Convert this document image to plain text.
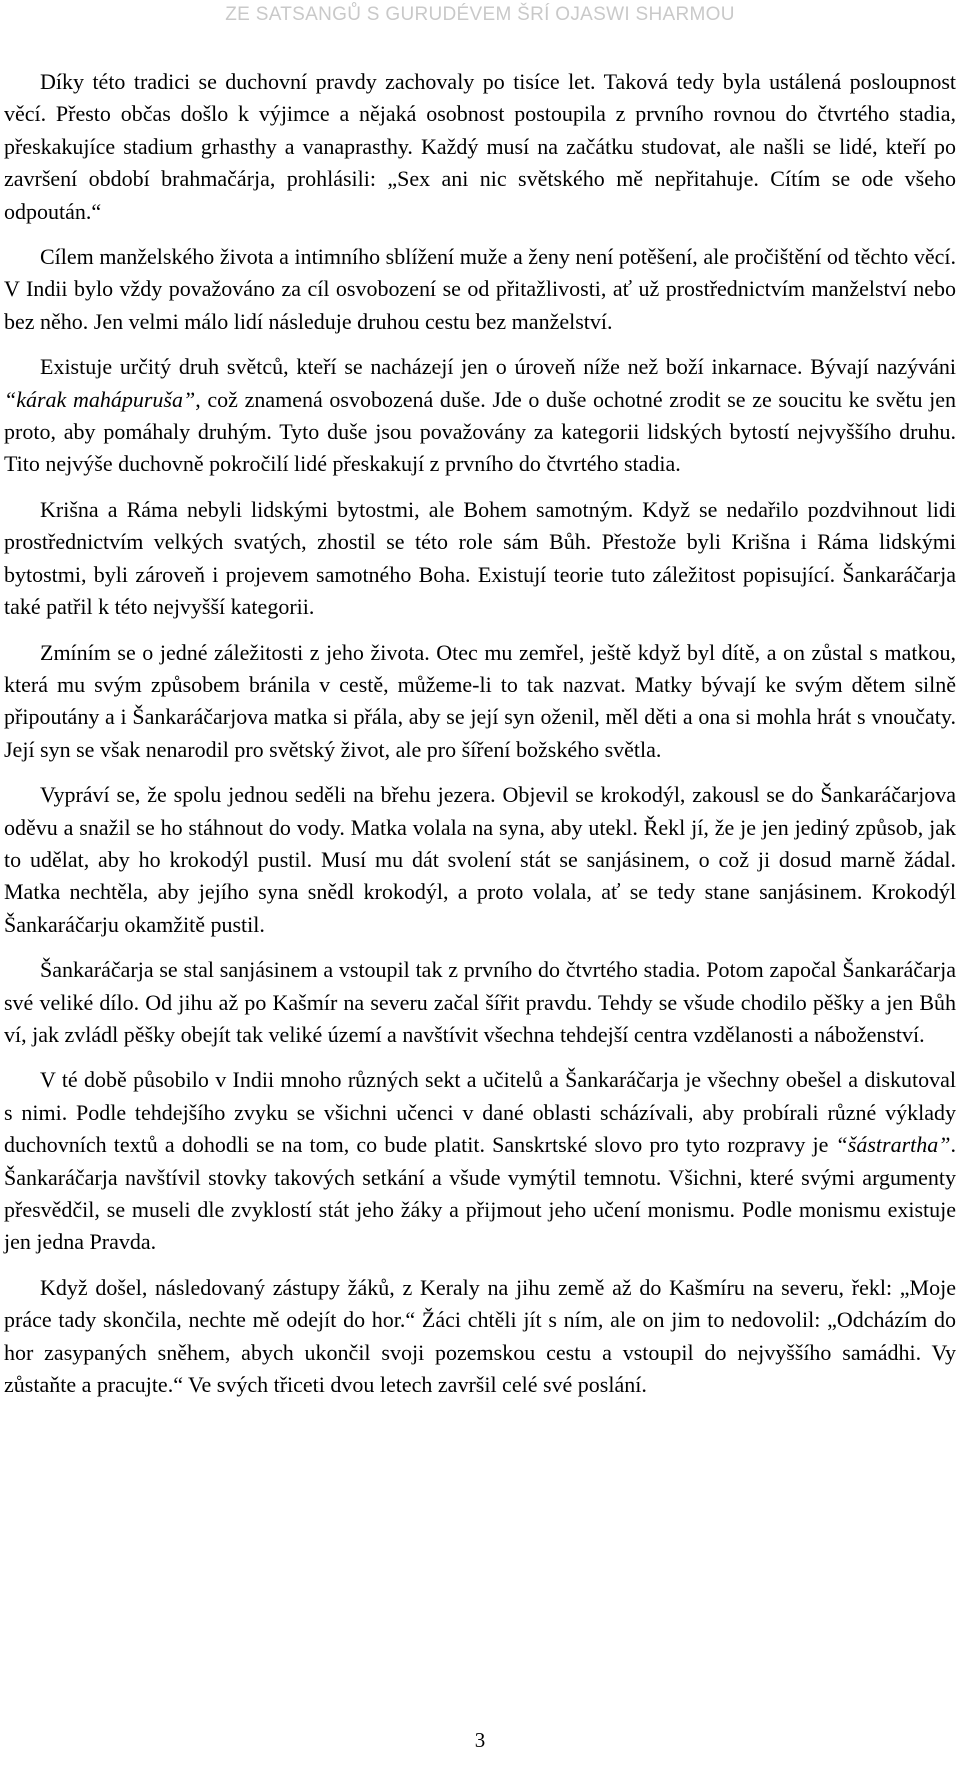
ZE SATSANGŮ S GURUDÉVEM ŠRÍ OJASWI SHARMOU

Díky této tradici se duchovní pravdy zachovaly po tisíce let. Taková tedy byla ustálená posloupnost věcí. Přesto občas došlo k výjimce a nějaká osobnost postoupila z prvního rovnou do čtvrtého stadia, přeskakujíce stadium grhasthy a vanaprasthy. Každý musí na začátku studovat, ale našli se lidé, kteří po završení období brahmačárja, prohlásili: „Sex ani nic světského mě nepřitahuje. Cítím se ode všeho odpoután.“

Cílem manželského života a intimního sblížení muže a ženy není potěšení, ale pročištění od těchto věcí. V Indii bylo vždy považováno za cíl osvobození se od přitažlivosti, ať už prostřednictvím manželství nebo bez něho. Jen velmi málo lidí následuje druhou cestu bez manželství.

Existuje určitý druh světců, kteří se nacházejí jen o úroveň níže než boží inkarnace. Bývají nazýváni “kárak mahápuruša”, což znamená osvobozená duše. Jde o duše ochotné zrodit se ze soucitu ke světu jen proto, aby pomáhaly druhým. Tyto duše jsou považovány za kategorii lidských bytostí nejvyššího druhu. Tito nejvýše duchovně pokročilí lidé přeskakují z prvního do čtvrtého stadia.

Krišna a Ráma nebyli lidskými bytostmi, ale Bohem samotným. Když se nedařilo pozdvihnout lidi prostřednictvím velkých svatých, zhostil se této role sám Bůh. Přestože byli Krišna i Ráma lidskými bytostmi, byli zároveň i projevem samotného Boha. Existují teorie tuto záležitost popisující. Šankaráčarja také patřil k této nejvyšší kategorii.

Zmíním se o jedné záležitosti z jeho života. Otec mu zemřel, ještě když byl dítě, a on zůstal s matkou, která mu svým způsobem bránila v cestě, můžeme-li to tak nazvat. Matky bývají ke svým dětem silně připoutány a i Šankaráčarjova matka si přála, aby se její syn oženil, měl děti a ona si mohla hrát s vnoučaty. Její syn se však nenarodil pro světský život, ale pro šíření božského světla.

Vypráví se, že spolu jednou seděli na břehu jezera. Objevil se krokodýl, zakousl se do Šankaráčarjova oděvu a snažil se ho stáhnout do vody. Matka volala na syna, aby utekl. Řekl jí, že je jen jediný způsob, jak to udělat, aby ho krokodýl pustil. Musí mu dát svolení stát se sanjásinem, o což ji dosud marně žádal. Matka nechtěla, aby jejího syna snědl krokodýl, a proto volala, ať se tedy stane sanjásinem. Krokodýl Šankaráčarju okamžitě pustil.

Šankaráčarja se stal sanjásinem a vstoupil tak z prvního do čtvrtého stadia. Potom započal Šankaráčarja své veliké dílo. Od jihu až po Kašmír na severu začal šířit pravdu. Tehdy se všude chodilo pěšky a jen Bůh ví, jak zvládl pěšky obejít tak veliké území a navštívit všechna tehdejší centra vzdělanosti a náboženství.

V té době působilo v Indii mnoho různých sekt a učitelů a Šankaráčarja je všechny obešel a diskutoval s nimi. Podle tehdejšího zvyku se všichni učenci v dané oblasti scházívali, aby probírali různé výklady duchovních textů a dohodli se na tom, co bude platit. Sanskrtské slovo pro tyto rozpravy je “šástrartha”. Šankaráčarja navštívil stovky takových setkání a všude vymýtil temnotu. Všichni, které svými argumenty přesvědčil, se museli dle zvyklostí stát jeho žáky a přijmout jeho učení monismu. Podle monismu existuje jen jedna Pravda.

Když došel, následovaný zástupy žáků, z Keraly na jihu země až do Kašmíru na severu, řekl: „Moje práce tady skončila, nechte mě odejít do hor.“ Žáci chtěli jít s ním, ale on jim to nedovolil: „Odcházím do hor zasypaných sněhem, abych ukončil svoji pozemskou cestu a vstoupil do nejvyššího samádhi. Vy zůstaňte a pracujte.“ Ve svých třiceti dvou letech završil celé své poslání.

3
